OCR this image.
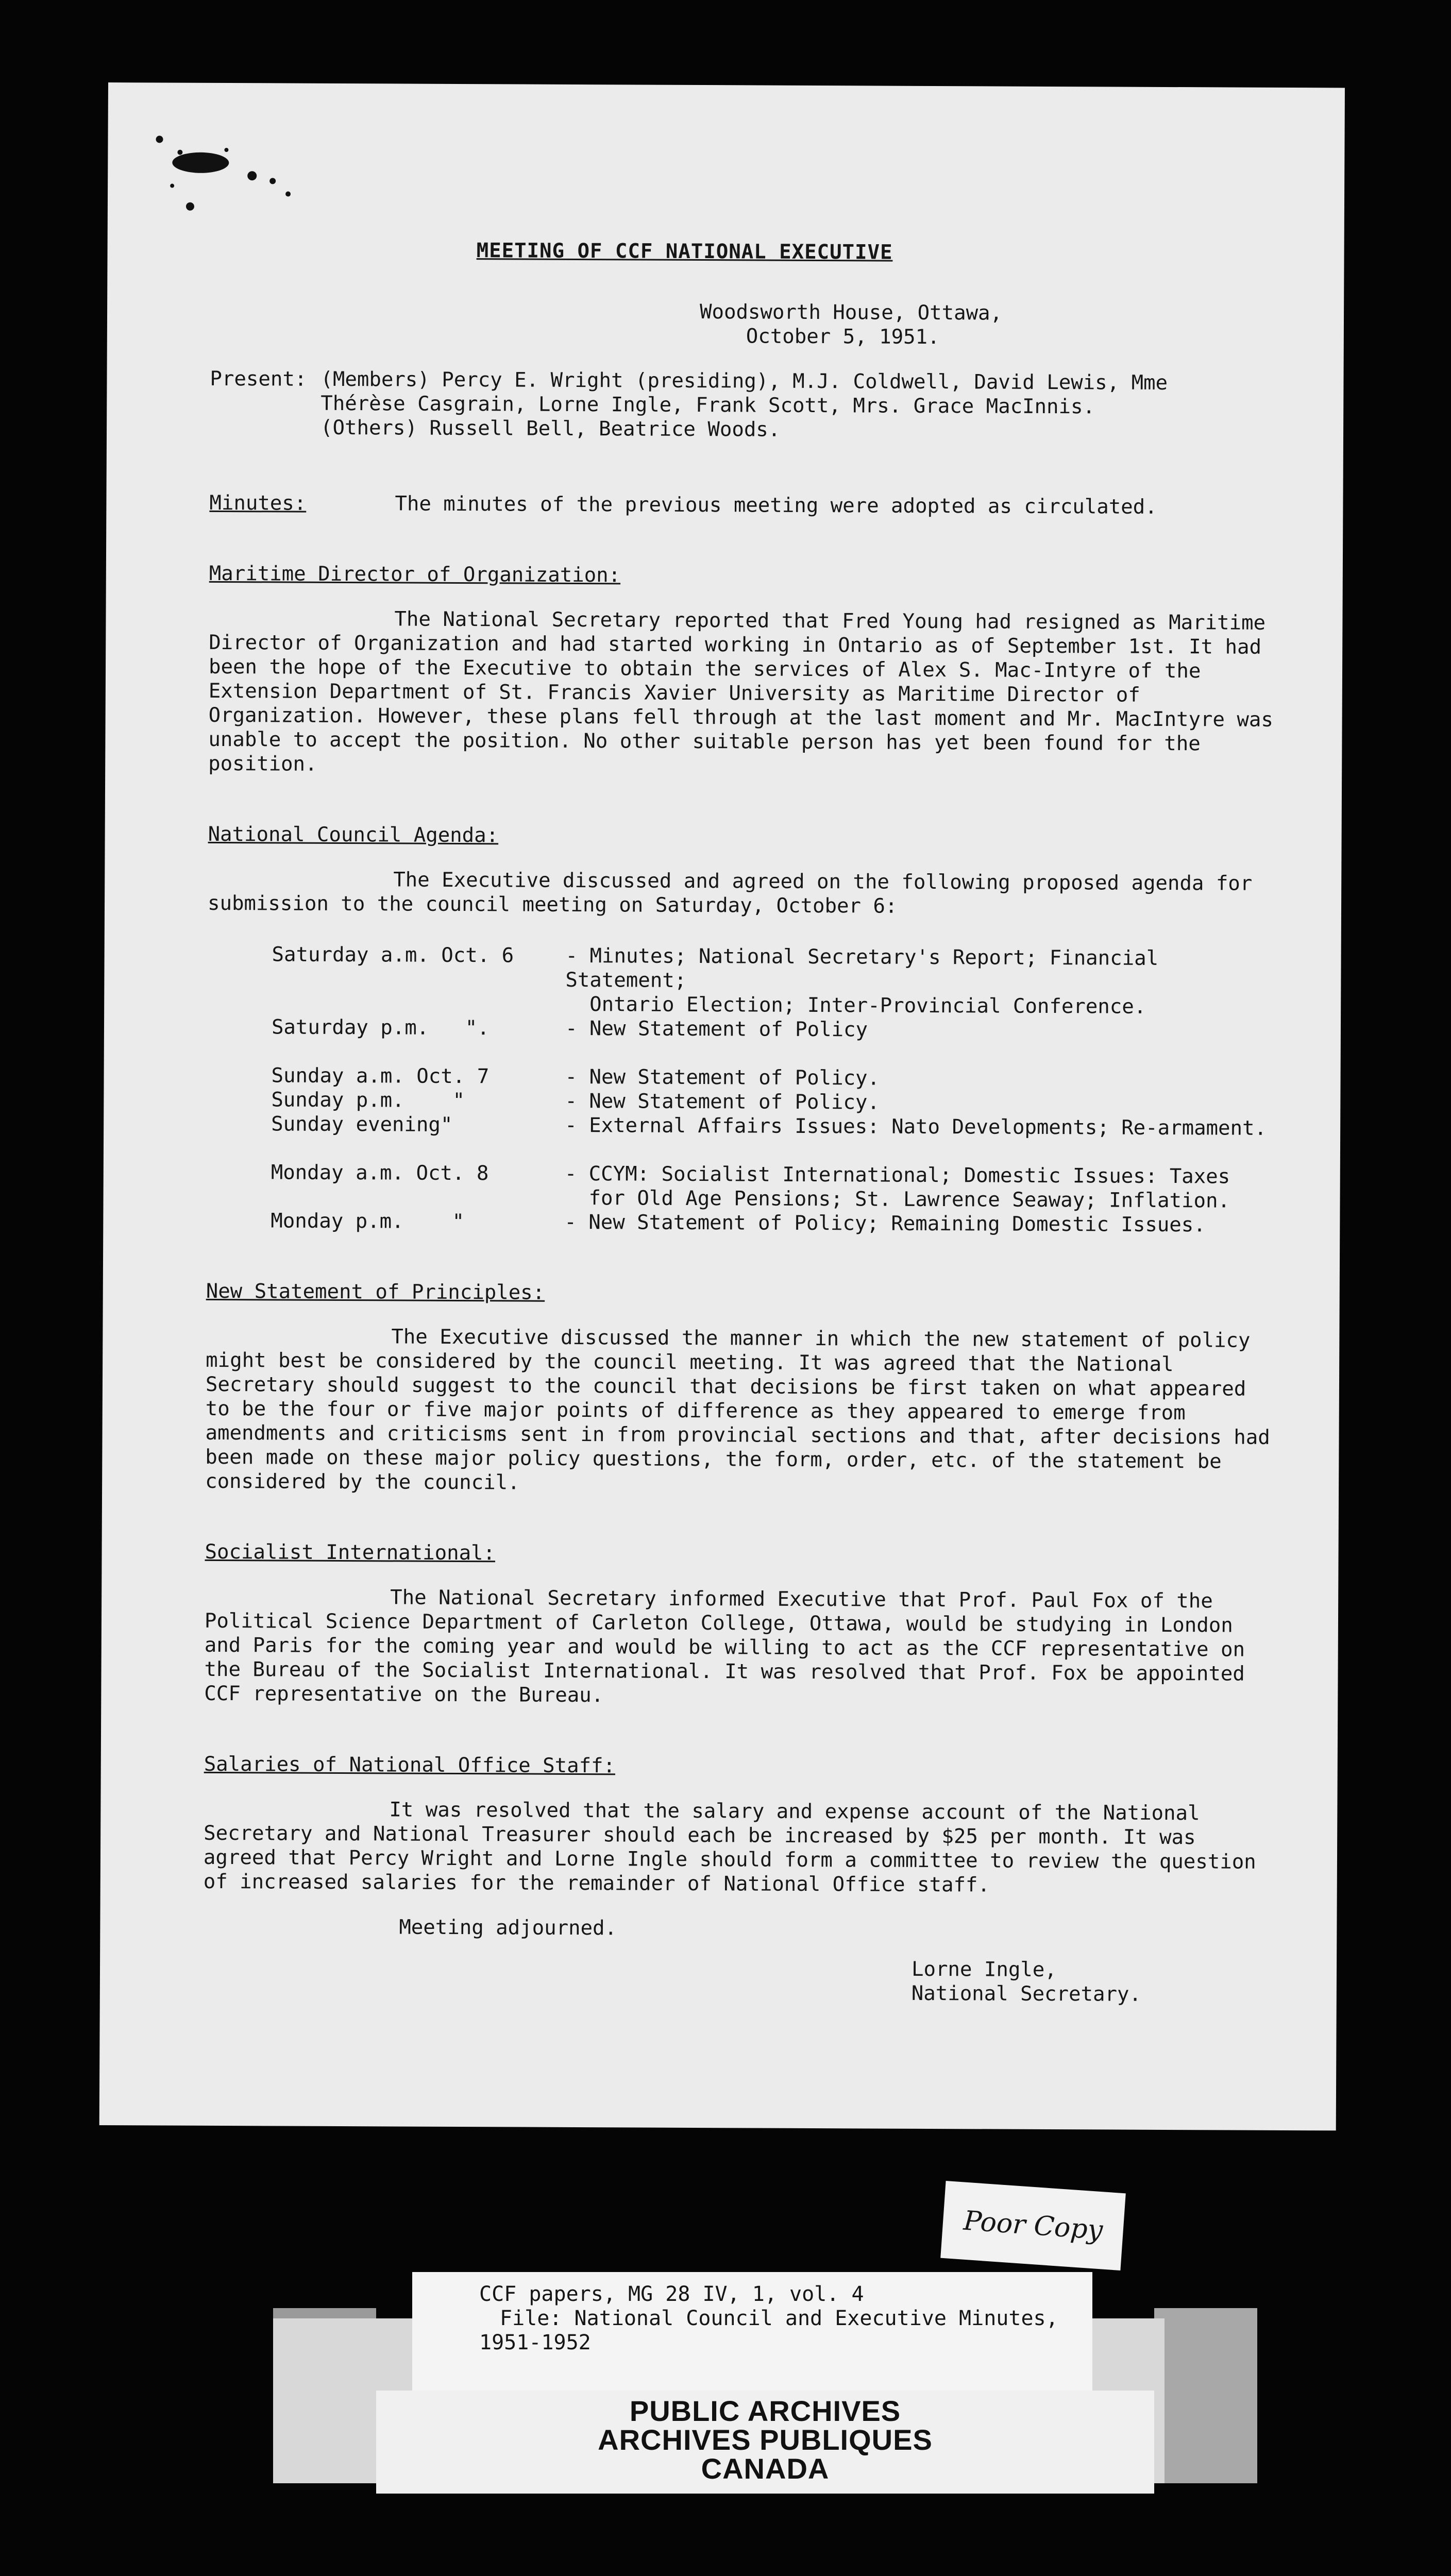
MEETING OF CCF NATIONAL EXECUTIVE
Woodsworth House, Ottawa,
October 5, 1951.
Present: (Members) Percy E. Wright (presiding), M.J. Coldwell, David Lewis, Mme
Thérèse Casgrain, Lorne Ingle, Frank Scott, Mrs. Grace MacInnis.
(Others) Russell Bell, Beatrice Woods.
Minutes:	The minutes of the previous meeting were adopted as circulated.
Maritime Director of Organization:
The National Secretary reported that Fred Young had resigned as Maritime Director of Organization and had started working in Ontario as of September 1st. It had been the hope of the Executive to obtain the services of Alex S. Mac-Intyre of the Extension Department of St. Francis Xavier University as Maritime Director of Organization. However, these plans fell through at the last moment and Mr. MacIntyre was unable to accept the position. No other suitable person has yet been found for the position.
National Council Agenda:
The Executive discussed and agreed on the following proposed agenda for submission to the council meeting on Saturday, October 6:
Saturday a.m. Oct. 6	- Minutes; National Secretary's Report; Financial Statement;
Ontario Election; Inter-Provincial Conference.
Saturday p.m.   ".	- New Statement of Policy
Sunday a.m. Oct. 7	- New Statement of Policy.
Sunday p.m.    "	- New Statement of Policy.
Sunday evening"	- External Affairs Issues: Nato Developments; Re-armament.
Monday a.m. Oct. 8	- CCYM: Socialist International; Domestic Issues: Taxes
for Old Age Pensions; St. Lawrence Seaway; Inflation.
Monday p.m.    "	- New Statement of Policy; Remaining Domestic Issues.
New Statement of Principles:
The Executive discussed the manner in which the new statement of policy might best be considered by the council meeting. It was agreed that the National Secretary should suggest to the council that decisions be first taken on what appeared to be the four or five major points of difference as they appeared to emerge from amendments and criticisms sent in from provincial sections and that, after decisions had been made on these major policy questions, the form, order, etc. of the statement be considered by the council.
Socialist International:
The National Secretary informed Executive that Prof. Paul Fox of the Political Science Department of Carleton College, Ottawa, would be studying in London and Paris for the coming year and would be willing to act as the CCF representative on the Bureau of the Socialist International. It was resolved that Prof. Fox be appointed CCF representative on the Bureau.
Salaries of National Office Staff:
It was resolved that the salary and expense account of the National Secretary and National Treasurer should each be increased by $25 per month. It was agreed that Percy Wright and Lorne Ingle should form a committee to review the question of increased salaries for the remainder of National Office staff.
Meeting adjourned.
Lorne Ingle,
National Secretary.
Poor Copy
CCF papers, MG 28 IV, 1, vol. 4
File: National Council and Executive Minutes,
1951-1952
PUBLIC ARCHIVES
ARCHIVES PUBLIQUES
CANADA
